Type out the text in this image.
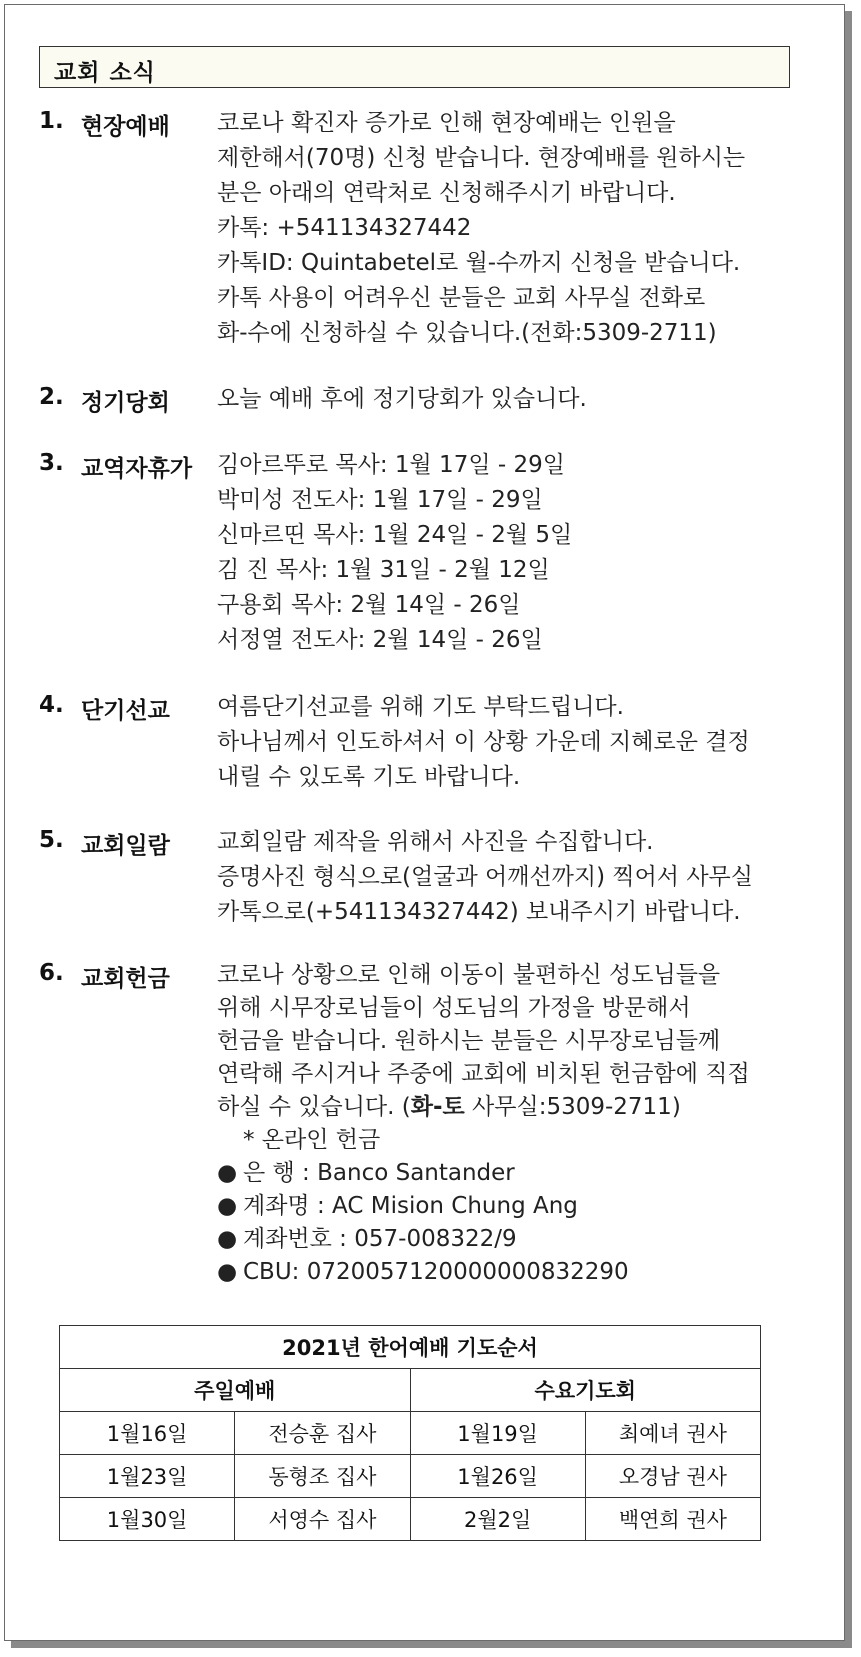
교회 소식
1. 현장예배 코로나 확진자 증가로 인해 현장예배는 인원을
제한해서(70명) 신청 받습니다. 현장예배를 원하시는
분은 아래의 연락처로 신청해주시기 바랍니다.
카톡: +541134327442
카톡ID: Quintabetel로 월-수까지 신청을 받습니다.
카톡 사용이 어려우신 분들은 교회 사무실 전화로
화-수에 신청하실 수 있습니다.(전화:5309-2711)
2. 정기당회 오늘 예배 후에 정기당회가 있습니다.
3. 교역자휴가 김아르뚜로 목사: 1월 17일 - 29일
박미성 전도사: 1월 17일 - 29일
신마르띤 목사: 1월 24일 - 2월 5일
김 진 목사: 1월 31일 - 2월 12일
구용회 목사: 2월 14일 - 26일
서정열 전도사: 2월 14일 - 26일
4. 단기선교 여름단기선교를 위해 기도 부탁드립니다.
하나님께서 인도하셔서 이 상황 가운데 지혜로운 결정
내릴 수 있도록 기도 바랍니다.
5. 교회일람 교회일람 제작을 위해서 사진을 수집합니다.
증명사진 형식으로(얼굴과 어깨선까지) 찍어서 사무실
카톡으로(+541134327442) 보내주시기 바랍니다.
6. 교회헌금 코로나 상황으로 인해 이동이 불편하신 성도님들을
위해 시무장로님들이 성도님의 가정을 방문해서
헌금을 받습니다. 원하시는 분들은 시무장로님들께
연락해 주시거나 주중에 교회에 비치된 헌금함에 직접
하실 수 있습니다. (화-토 사무실:5309-2711)
* 온라인 헌금
● 은 행 : Banco Santander
● 계좌명 : AC Mision Chung Ang
● 계좌번호 : 057-008322/9
● CBU: 0720057120000000832290
2021년 한어예배 기도순서			
주일예배		수요기도회	
1월16일	전승훈 집사	1월19일	최예녀 권사
1월23일	동형조 집사	1월26일	오경남 권사
1월30일	서영수 집사	2월2일	백연희 권사
